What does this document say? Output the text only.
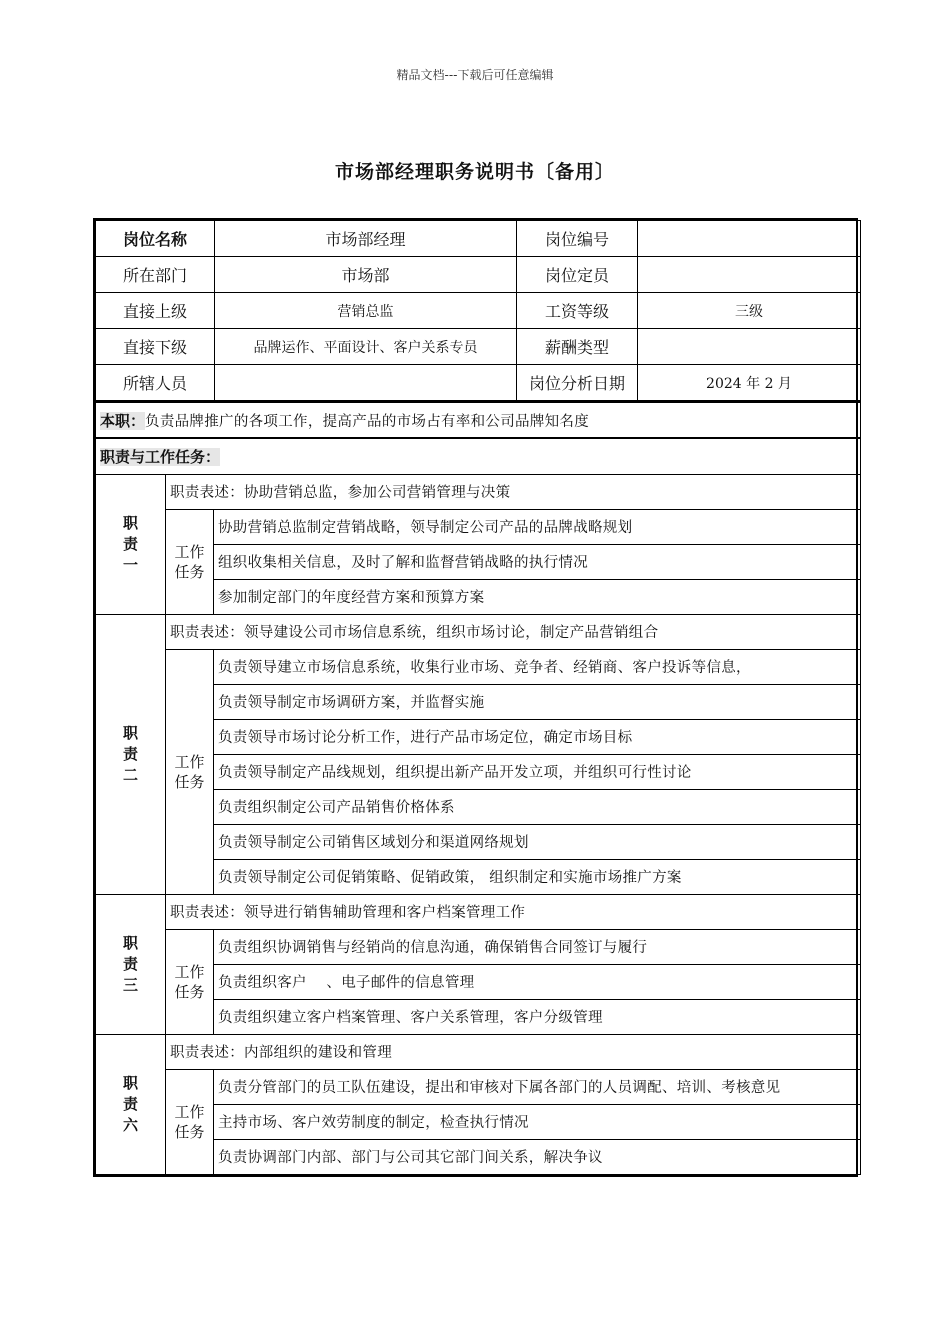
精品文档---下载后可任意编辑
市场部经理职务说明书〔备用〕
岗位名称	市场部经理	岗位编号	
所在部门	市场部	岗位定员	
直接上级	营销总监	工资等级	三级
直接下级	品牌运作、平面设计、客户关系专员	薪酬类型	
所辖人员		岗位分析日期	2024 年 2 月
本职：负责品牌推广的各项工作，提高产品的市场占有率和公司品牌知名度		
职责与工作任务：		

职
责
一	职责表述：协助营销总监，参加公司营销管理与决策	

	工作
任务	协助营销总监制定营销战略，领导制定公司产品的品牌战略规划
		组织收集相关信息，及时了解和监督营销战略的执行情况
		参加制定部门的年度经营方案和预算方案

职
责
二	职责表述：领导建设公司市场信息系统，组织市场讨论，制定产品营销组合	

	工作
任务	负责领导建立市场信息系统，收集行业市场、竞争者、经销商、客户投诉等信息，
		负责领导制定市场调研方案，并监督实施
		负责领导市场讨论分析工作，进行产品市场定位，确定市场目标
		负责领导制定产品线规划，组织提出新产品开发立项，并组织可行性讨论
		负责组织制定公司产品销售价格体系
		负责领导制定公司销售区域划分和渠道网络规划
		负责领导制定公司促销策略、促销政策， 组织制定和实施市场推广方案

职
责
三	职责表述：领导进行销售辅助管理和客户档案管理工作	

	工作
任务	负责组织协调销售与经销尚的信息沟通，确保销售合同签订与履行
		负责组织客户    、电子邮件的信息管理
		负责组织建立客户档案管理、客户关系管理，客户分级管理

职
责
六	职责表述：内部组织的建设和管理	

	工作
任务	负责分管部门的员工队伍建设，提出和审核对下属各部门的人员调配、培训、考核意见
		主持市场、客户效劳制度的制定，检查执行情况
		负责协调部门内部、部门与公司其它部门间关系，解决争议
